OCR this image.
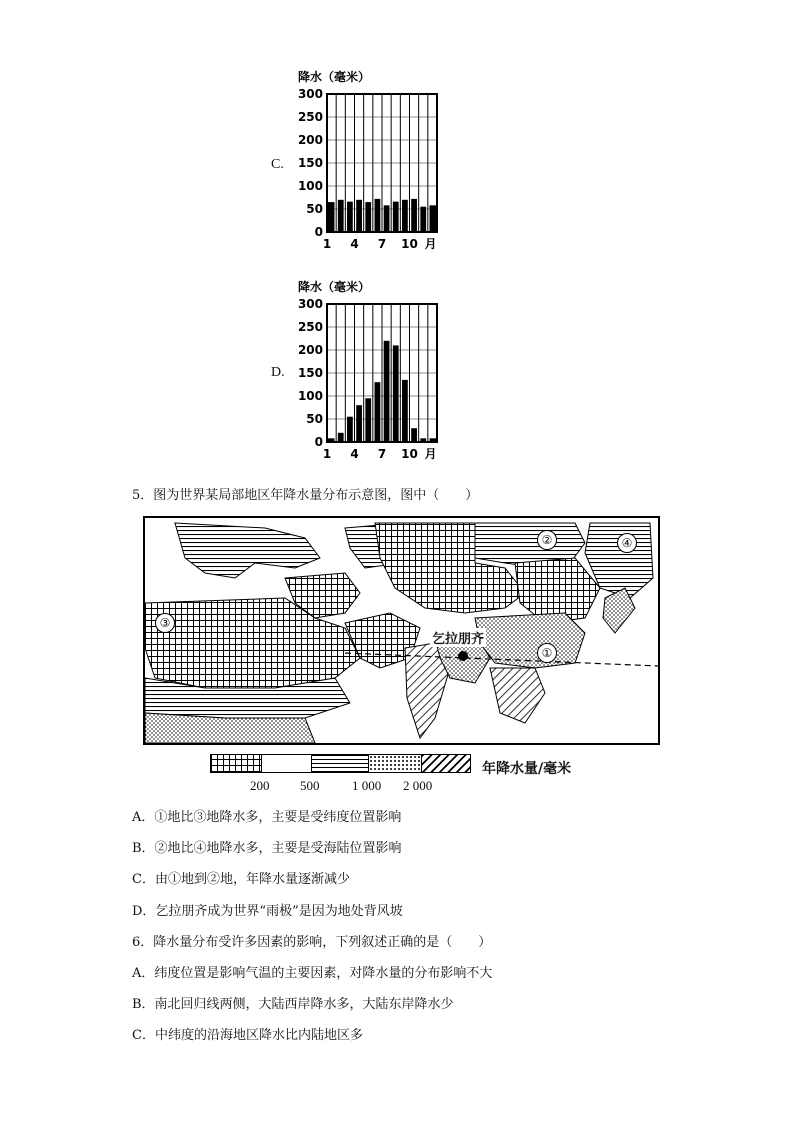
C.
降水（毫米）
300
250
200
150
100
50
0
1 4 7 10 月
D.
降水（毫米）
300
250
200
150
100
50
0
1 4 7 10 月
5．图为世界某局部地区年降水量分布示意图，图中（　　）
①
②
③
④
乞拉朋齐
200 500	1 000 2 000
年降水量/毫米
A．①地比③地降水多，主要是受纬度位置影响
B．②地比④地降水多，主要是受海陆位置影响
C．由①地到②地，年降水量逐渐减少
D．乞拉朋齐成为世界“雨极”是因为地处背风坡
6．降水量分布受许多因素的影响，下列叙述正确的是（　　）
A．纬度位置是影响气温的主要因素，对降水量的分布影响不大
B．南北回归线两侧，大陆西岸降水多，大陆东岸降水少
C．中纬度的沿海地区降水比内陆地区多
